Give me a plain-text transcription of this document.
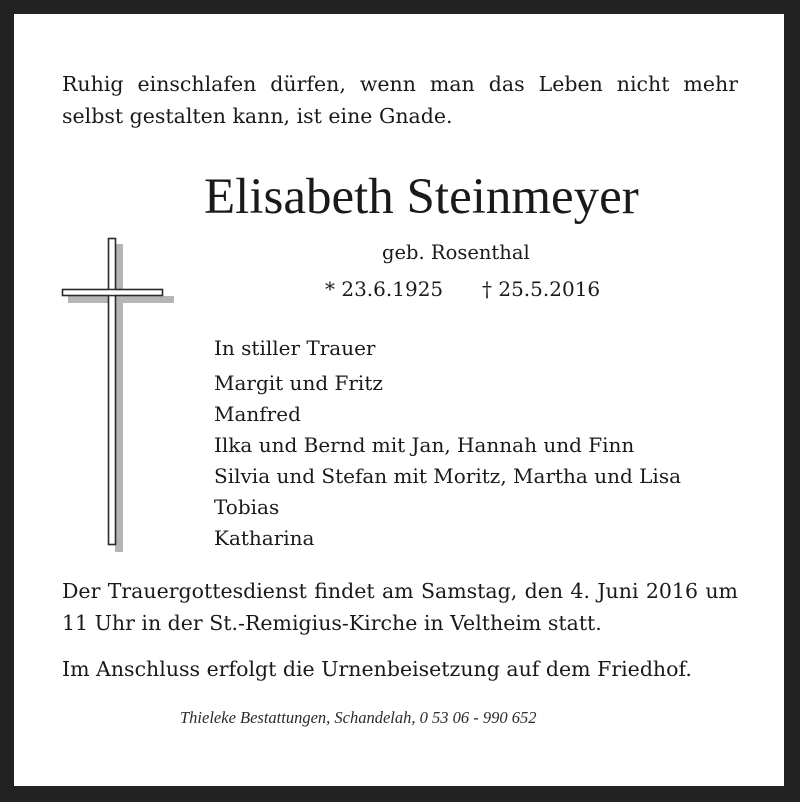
Ruhig einschlafen dürfen, wenn man das Leben nicht mehr

selbst gestalten kann, ist eine Gnade.

Elisabeth Steinmeyer
geb. Rosenthal
* 23.6.1925 † 25.5.2016
In stiller Trauer
Margit und Fritz
Manfred
Ilka und Bernd mit Jan, Hannah und Finn
Silvia und Stefan mit Moritz, Martha und Lisa
Tobias
Katharina

Der Trauergottesdienst findet am Samstag, den 4. Juni 2016 um

11 Uhr in der St.-Remigius-Kirche in Veltheim statt.

Im Anschluss erfolgt die Urnenbeisetzung auf dem Friedhof.

Thieleke Bestattungen, Schandelah, 0 53 06 - 990 652
